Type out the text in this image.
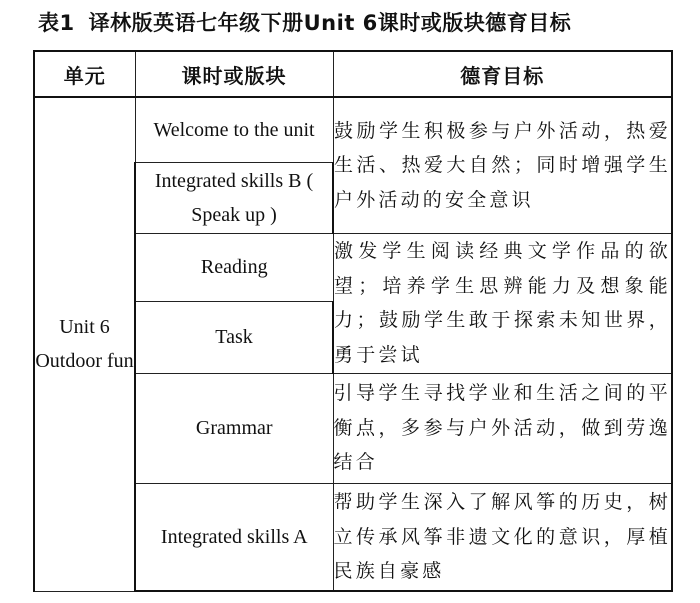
表1 译林版英语七年级下册Unit 6课时或版块德育目标
单元	课时或版块	德育目标
Unit 6 Outdoor fun	Welcome to the unit	鼓励学生积极参与户外活动，热爱生活、热爱大自然；同时增强学生户外活动的安全意识
	Integrated skills B ( Speak up )	
	Reading	激发学生阅读经典文学作品的欲望；培养学生思辨能力及想象能力；鼓励学生敢于探索未知世界，勇于尝试
	Task	
	Grammar	引导学生寻找学业和生活之间的平衡点，多参与户外活动，做到劳逸结合
	Integrated skills A	帮助学生深入了解风筝的历史，树立传承风筝非遗文化的意识，厚植民族自豪感
